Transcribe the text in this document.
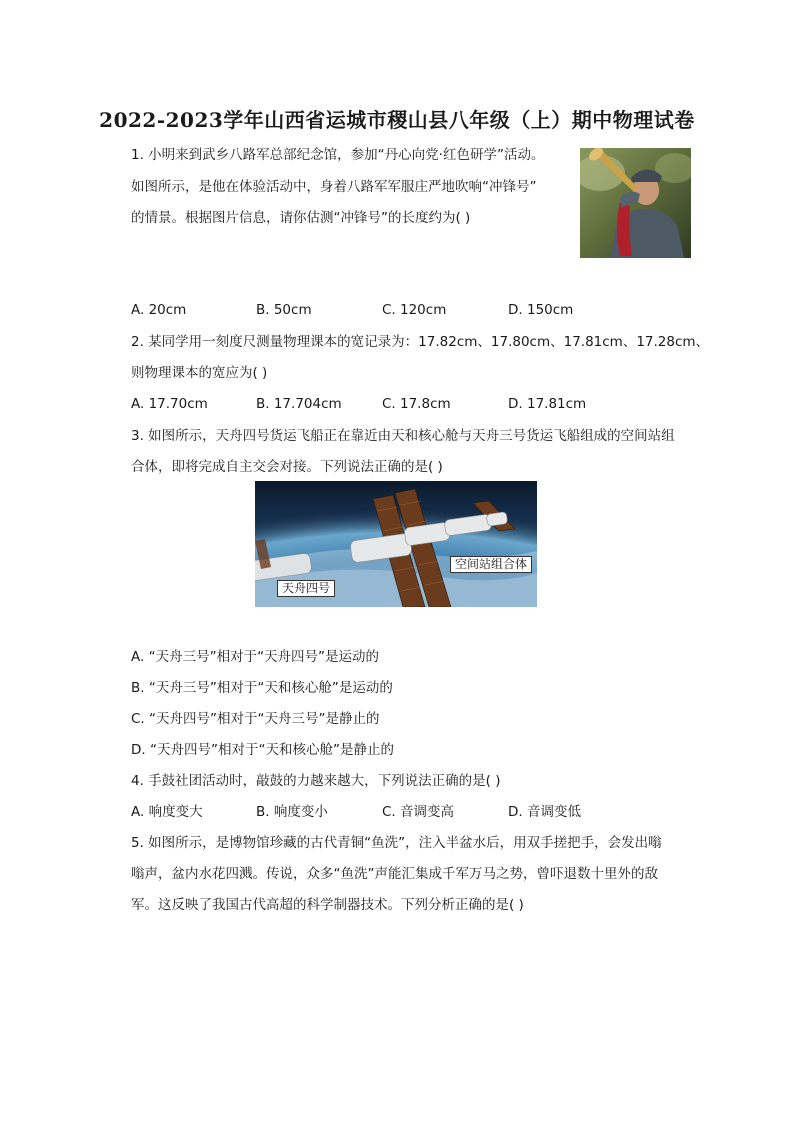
2022-2023学年山西省运城市稷山县八年级（上）期中物理试卷
1. 小明来到武乡八路军总部纪念馆，参加“丹心向党·红色研学”活动。
如图所示，是他在体验活动中，身着八路军军服庄严地吹响“冲锋号”
的情景。根据图片信息，请你估测“冲锋号”的长度约为( )
A. 20cm	B. 50cm	C. 120cm	D. 150cm
2. 某同学用一刻度尺测量物理课本的宽记录为：17.82cm、17.80cm、17.81cm、17.28cm、
则物理课本的宽应为( )
A. 17.70cm	B. 17.704cm	C. 17.8cm	D. 17.81cm
3. 如图所示，天舟四号货运飞船正在靠近由天和核心舱与天舟三号货运飞船组成的空间站组
合体，即将完成自主交会对接。下列说法正确的是( )
天舟四号
空间站组合体
A. “天舟三号”相对于“天舟四号”是运动的
B. “天舟三号”相对于“天和核心舱”是运动的
C. “天舟四号”相对于“天舟三号”是静止的
D. “天舟四号”相对于“天和核心舱”是静止的
4. 手鼓社团活动时，敲鼓的力越来越大，下列说法正确的是( )
A. 响度变大	B. 响度变小	C. 音调变高	D. 音调变低
5. 如图所示，是博物馆珍藏的古代青铜“鱼洗”，注入半盆水后，用双手搓把手，会发出嗡
嗡声，盆内水花四溅。传说，众多“鱼洗”声能汇集成千军万马之势，曾吓退数十里外的敌
军。这反映了我国古代高超的科学制器技术。下列分析正确的是( )
